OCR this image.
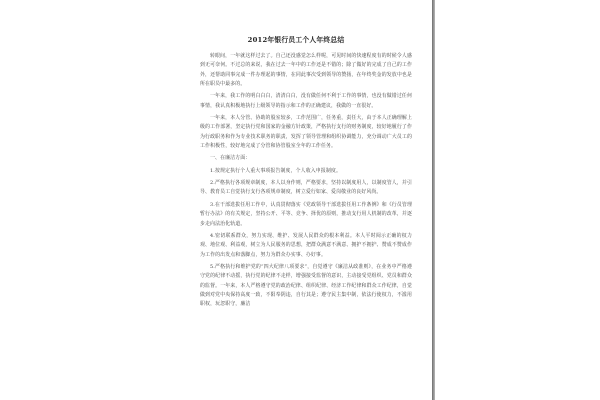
2012年银行员工个人年终总结

转眼间，一年就这样过去了。自己还没感觉怎么样呢，可见时间的快速程度有的时候令人感到无可奈何。不过总的来说，我在过去一年中的工作还是不错的；除了做好的完成了自己的工作外，还帮助同事完成一件办理起的事情，在同此事次受到领导的赞扬，在年终奖金的发放中也是所在职员中最多的。

一年来，我工作的明白白白，清清白白，没有做任何不利于工作的事情，也没有做错过任何事情，我认真积极地执行上级领导的指示和工作的正确建议，我做的一直很好。

一年来，本人分管、协助的股室较多，工作范围广，任务重，责任大，由于本人正确理解上级的工作部署，坚定执行党和国家的金融方针政策，严格执行支行的财务制度，较好地履行了作为行政职务和作为专业技术职务的职责，发挥了领导管理和组织协调能力，充分调动广大员工的工作积极性，较好地完成了分管和协管股室全年的工作任务。

一、在廉洁方面：

1.按规定执行个人重大事项报告制度，个人收入申报制度。

2.严格执行各项规章制度，本人以身作则，严格要求，坚持以制度用人，以制度管人，并引导、教育员工自觉执行支行各项规章制度，树立爱行如家、爱岗敬业的良好风尚。

3.在干部选拔任用工作中，认真贯彻落实《党政领导干部选拔任用工作条例》和《行员管理暂行办法》的有关规定，坚持公开、平等、竞争、择优的原则，推动支行用人机制的改革，并逐步走向法治化轨道。

4.密切联系群众，努力实现、维护、发展人民群众的根本利益。本人平时阅示正确的权力观、地位观、利益观，树立为人民服务的思想，把群众满意不满意、拥护不拥护、赞成不赞成作为工作的出发点和落脚点，努力为群众办实事、办好事。

5.严格执行和维护党的“四大纪律八项要求”，自觉遵守《廉洁从政准则》，在业务中严格遵守党的纪律不动摇，执行党的纪律不走样，增强接受监督的意识，主动接受党组织、党员和群众的监督。一年来，本人严格遵守党的政治纪律、组织纪律、经济工作纪律和群众工作纪律，自觉做到对党中央保持高度一致，不阳奉阴违，自行其是；遵守民主集中制，依法行使权力，不滥用职权，玩忽职守，廉洁
